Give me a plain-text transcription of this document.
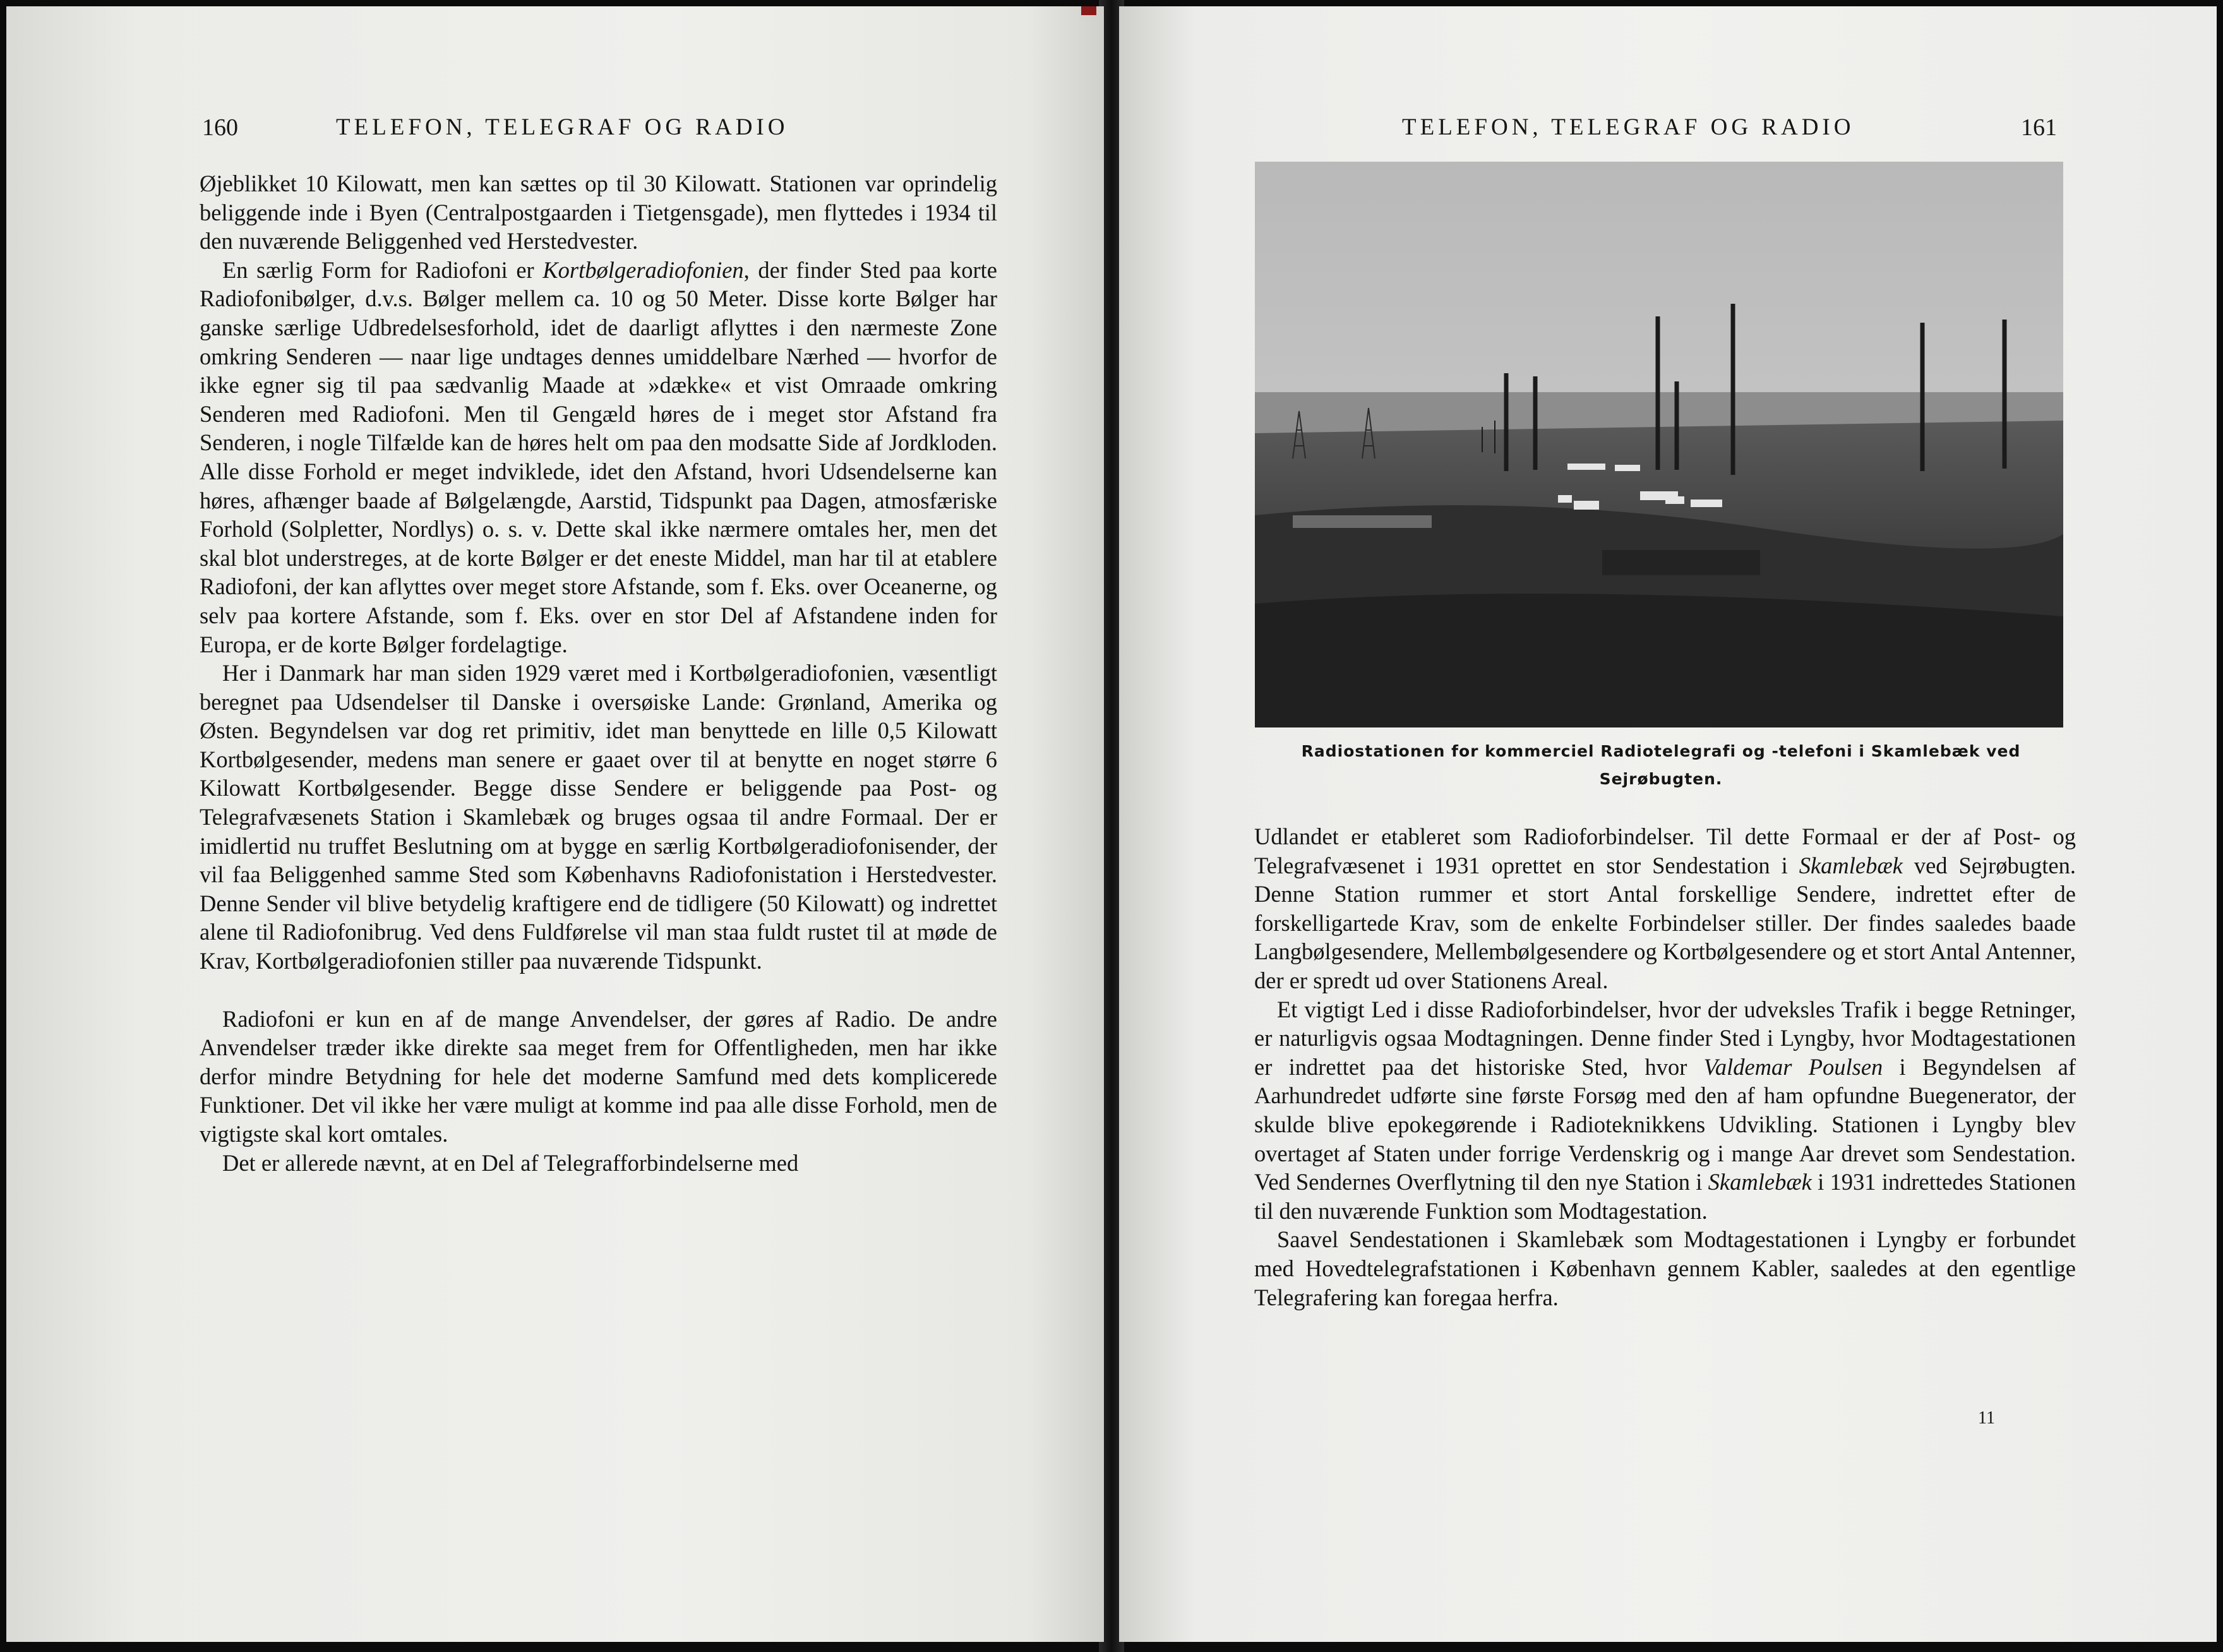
160	TELEFON, TELEGRAF OG RADIO

Øjeblikket 10 Kilowatt, men kan sættes op til 30 Kilowatt. Stationen var oprindelig beliggende inde i Byen (Centralpostgaarden i Tietgensgade), men flyttedes i 1934 til den nuværende Beliggenhed ved Herstedvester.

En særlig Form for Radiofoni er Kortbølgeradiofonien, der finder Sted paa korte Radiofonibølger, d.v.s. Bølger mellem ca. 10 og 50 Meter. Disse korte Bølger har ganske særlige Udbredelsesforhold, idet de daarligt aflyttes i den nærmeste Zone omkring Senderen — naar lige undtages dennes umiddelbare Nærhed — hvorfor de ikke egner sig til paa sædvanlig Maade at »dække« et vist Omraade omkring Senderen med Radiofoni. Men til Gengæld høres de i meget stor Afstand fra Senderen, i nogle Tilfælde kan de høres helt om paa den modsatte Side af Jordkloden. Alle disse Forhold er meget indviklede, idet den Afstand, hvori Udsendelserne kan høres, afhænger baade af Bølgelængde, Aarstid, Tidspunkt paa Dagen, atmosfæriske Forhold (Solpletter, Nordlys) o. s. v. Dette skal ikke nærmere omtales her, men det skal blot understreges, at de korte Bølger er det eneste Middel, man har til at etablere Radiofoni, der kan aflyttes over meget store Afstande, som f. Eks. over Oceanerne, og selv paa kortere Afstande, som f. Eks. over en stor Del af Afstandene inden for Europa, er de korte Bølger fordelagtige.

Her i Danmark har man siden 1929 været med i Kortbølgeradiofonien, væsentligt beregnet paa Udsendelser til Danske i oversøiske Lande: Grønland, Amerika og Østen. Begyndelsen var dog ret primitiv, idet man benyttede en lille 0,5 Kilowatt Kortbølgesender, medens man senere er gaaet over til at benytte en noget større 6 Kilowatt Kortbølgesender. Begge disse Sendere er beliggende paa Post- og Telegrafvæsenets Station i Skamlebæk og bruges ogsaa til andre Formaal. Der er imidlertid nu truffet Beslutning om at bygge en særlig Kortbølgeradiofonisender, der vil faa Beliggenhed samme Sted som Københavns Radiofonistation i Herstedvester. Denne Sender vil blive betydelig kraftigere end de tidligere (50 Kilowatt) og indrettet alene til Radiofonibrug. Ved dens Fuldførelse vil man staa fuldt rustet til at møde de Krav, Kortbølgeradiofonien stiller paa nuværende Tidspunkt.

Radiofoni er kun en af de mange Anvendelser, der gøres af Radio. De andre Anvendelser træder ikke direkte saa meget frem for Offentligheden, men har ikke derfor mindre Betydning for hele det moderne Samfund med dets komplicerede Funktioner. Det vil ikke her være muligt at komme ind paa alle disse Forhold, men de vigtigste skal kort omtales.

Det er allerede nævnt, at en Del af Telegrafforbindelserne med

TELEFON, TELEGRAF OG RADIO	161
Radiostationen for kommerciel Radiotelegrafi og -telefoni i Skamlebæk ved
Sejrøbugten.

Udlandet er etableret som Radioforbindelser. Til dette Formaal er der af Post- og Telegrafvæsenet i 1931 oprettet en stor Sendestation i Skamlebæk ved Sejrøbugten. Denne Station rummer et stort Antal forskellige Sendere, indrettet efter de forskelligartede Krav, som de enkelte Forbindelser stiller. Der findes saaledes baade Langbølgesendere, Mellembølgesendere og Kortbølgesendere og et stort Antal Antenner, der er spredt ud over Stationens Areal.

Et vigtigt Led i disse Radioforbindelser, hvor der udveksles Trafik i begge Retninger, er naturligvis ogsaa Modtagningen. Denne finder Sted i Lyngby, hvor Modtagestationen er indrettet paa det historiske Sted, hvor Valdemar Poulsen i Begyndelsen af Aarhundredet udførte sine første Forsøg med den af ham opfundne Buegenerator, der skulde blive epokegørende i Radioteknikkens Udvikling. Stationen i Lyngby blev overtaget af Staten under forrige Verdenskrig og i mange Aar drevet som Sendestation. Ved Sendernes Overflytning til den nye Station i Skamlebæk i 1931 indrettedes Stationen til den nuværende Funktion som Modtagestation.

Saavel Sendestationen i Skamlebæk som Modtagestationen i Lyngby er forbundet med Hovedtelegrafstationen i København gennem Kabler, saaledes at den egentlige Telegrafering kan foregaa herfra.

11
